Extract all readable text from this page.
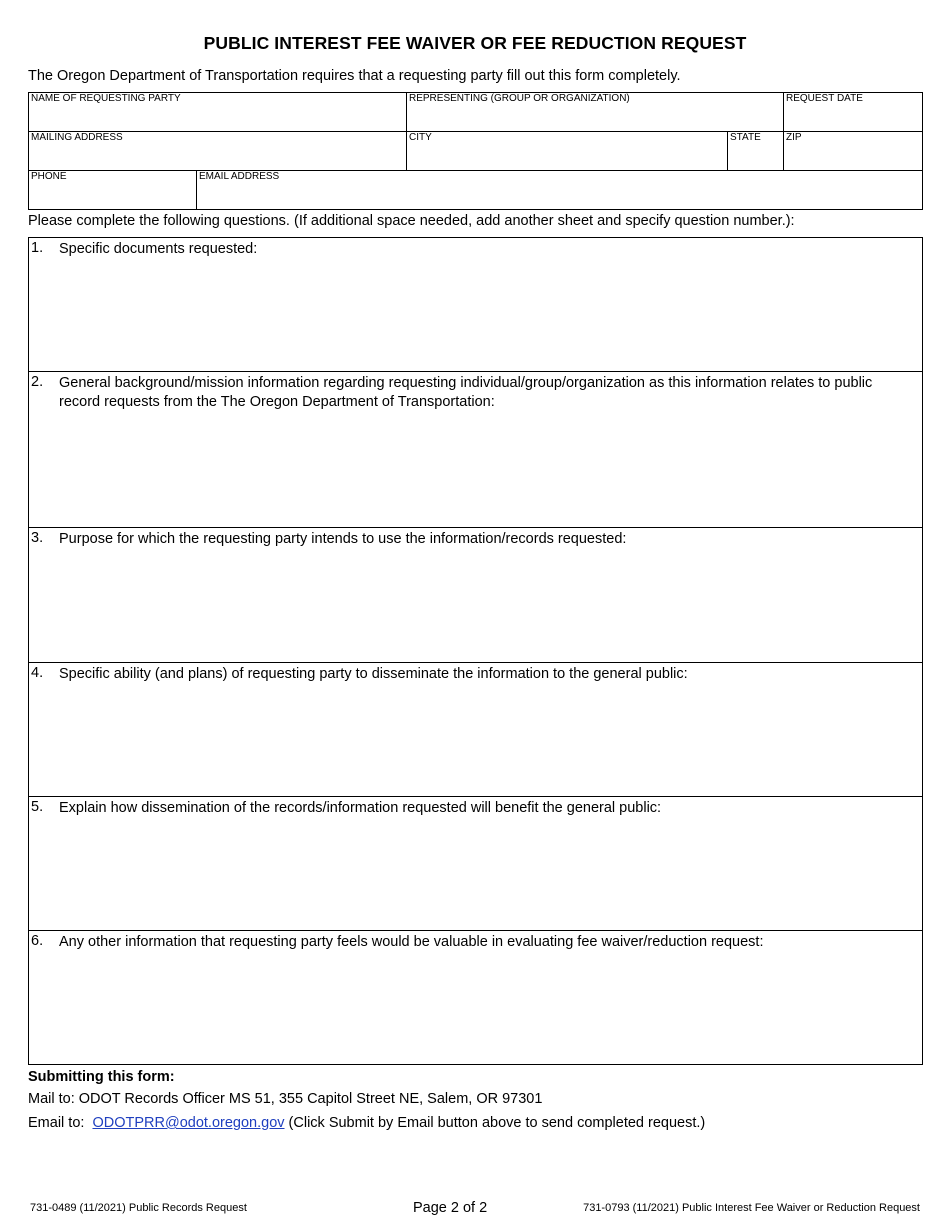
PUBLIC INTEREST FEE WAIVER OR FEE REDUCTION REQUEST
The Oregon Department of Transportation requires that a requesting party fill out this form completely.
NAME OF REQUESTING PARTY	REPRESENTING (GROUP OR ORGANIZATION)	REQUEST DATE
MAILING ADDRESS	CITY	STATE	ZIP
PHONE	EMAIL ADDRESS
Please complete the following questions. (If additional space needed, add another sheet and specify question number.):
1. Specific documents requested:
2. General background/mission information regarding requesting individual/group/organization as this information relates to public record requests from the The Oregon Department of Transportation:
3. Purpose for which the requesting party intends to use the information/records requested:
4. Specific ability (and plans) of requesting party to disseminate the information to the general public:
5. Explain how dissemination of the records/information requested will benefit the general public:
6. Any other information that requesting party feels would be valuable in evaluating fee waiver/reduction request:
Submitting this form:
Mail to: ODOT Records Officer MS 51, 355 Capitol Street NE, Salem, OR 97301
Email to: ODOTPRR@odot.oregon.gov (Click Submit by Email button above to send completed request.)
731-0489 (11/2021) Public Records Request	Page 2 of 2	731-0793 (11/2021) Public Interest Fee Waiver or Reduction Request
